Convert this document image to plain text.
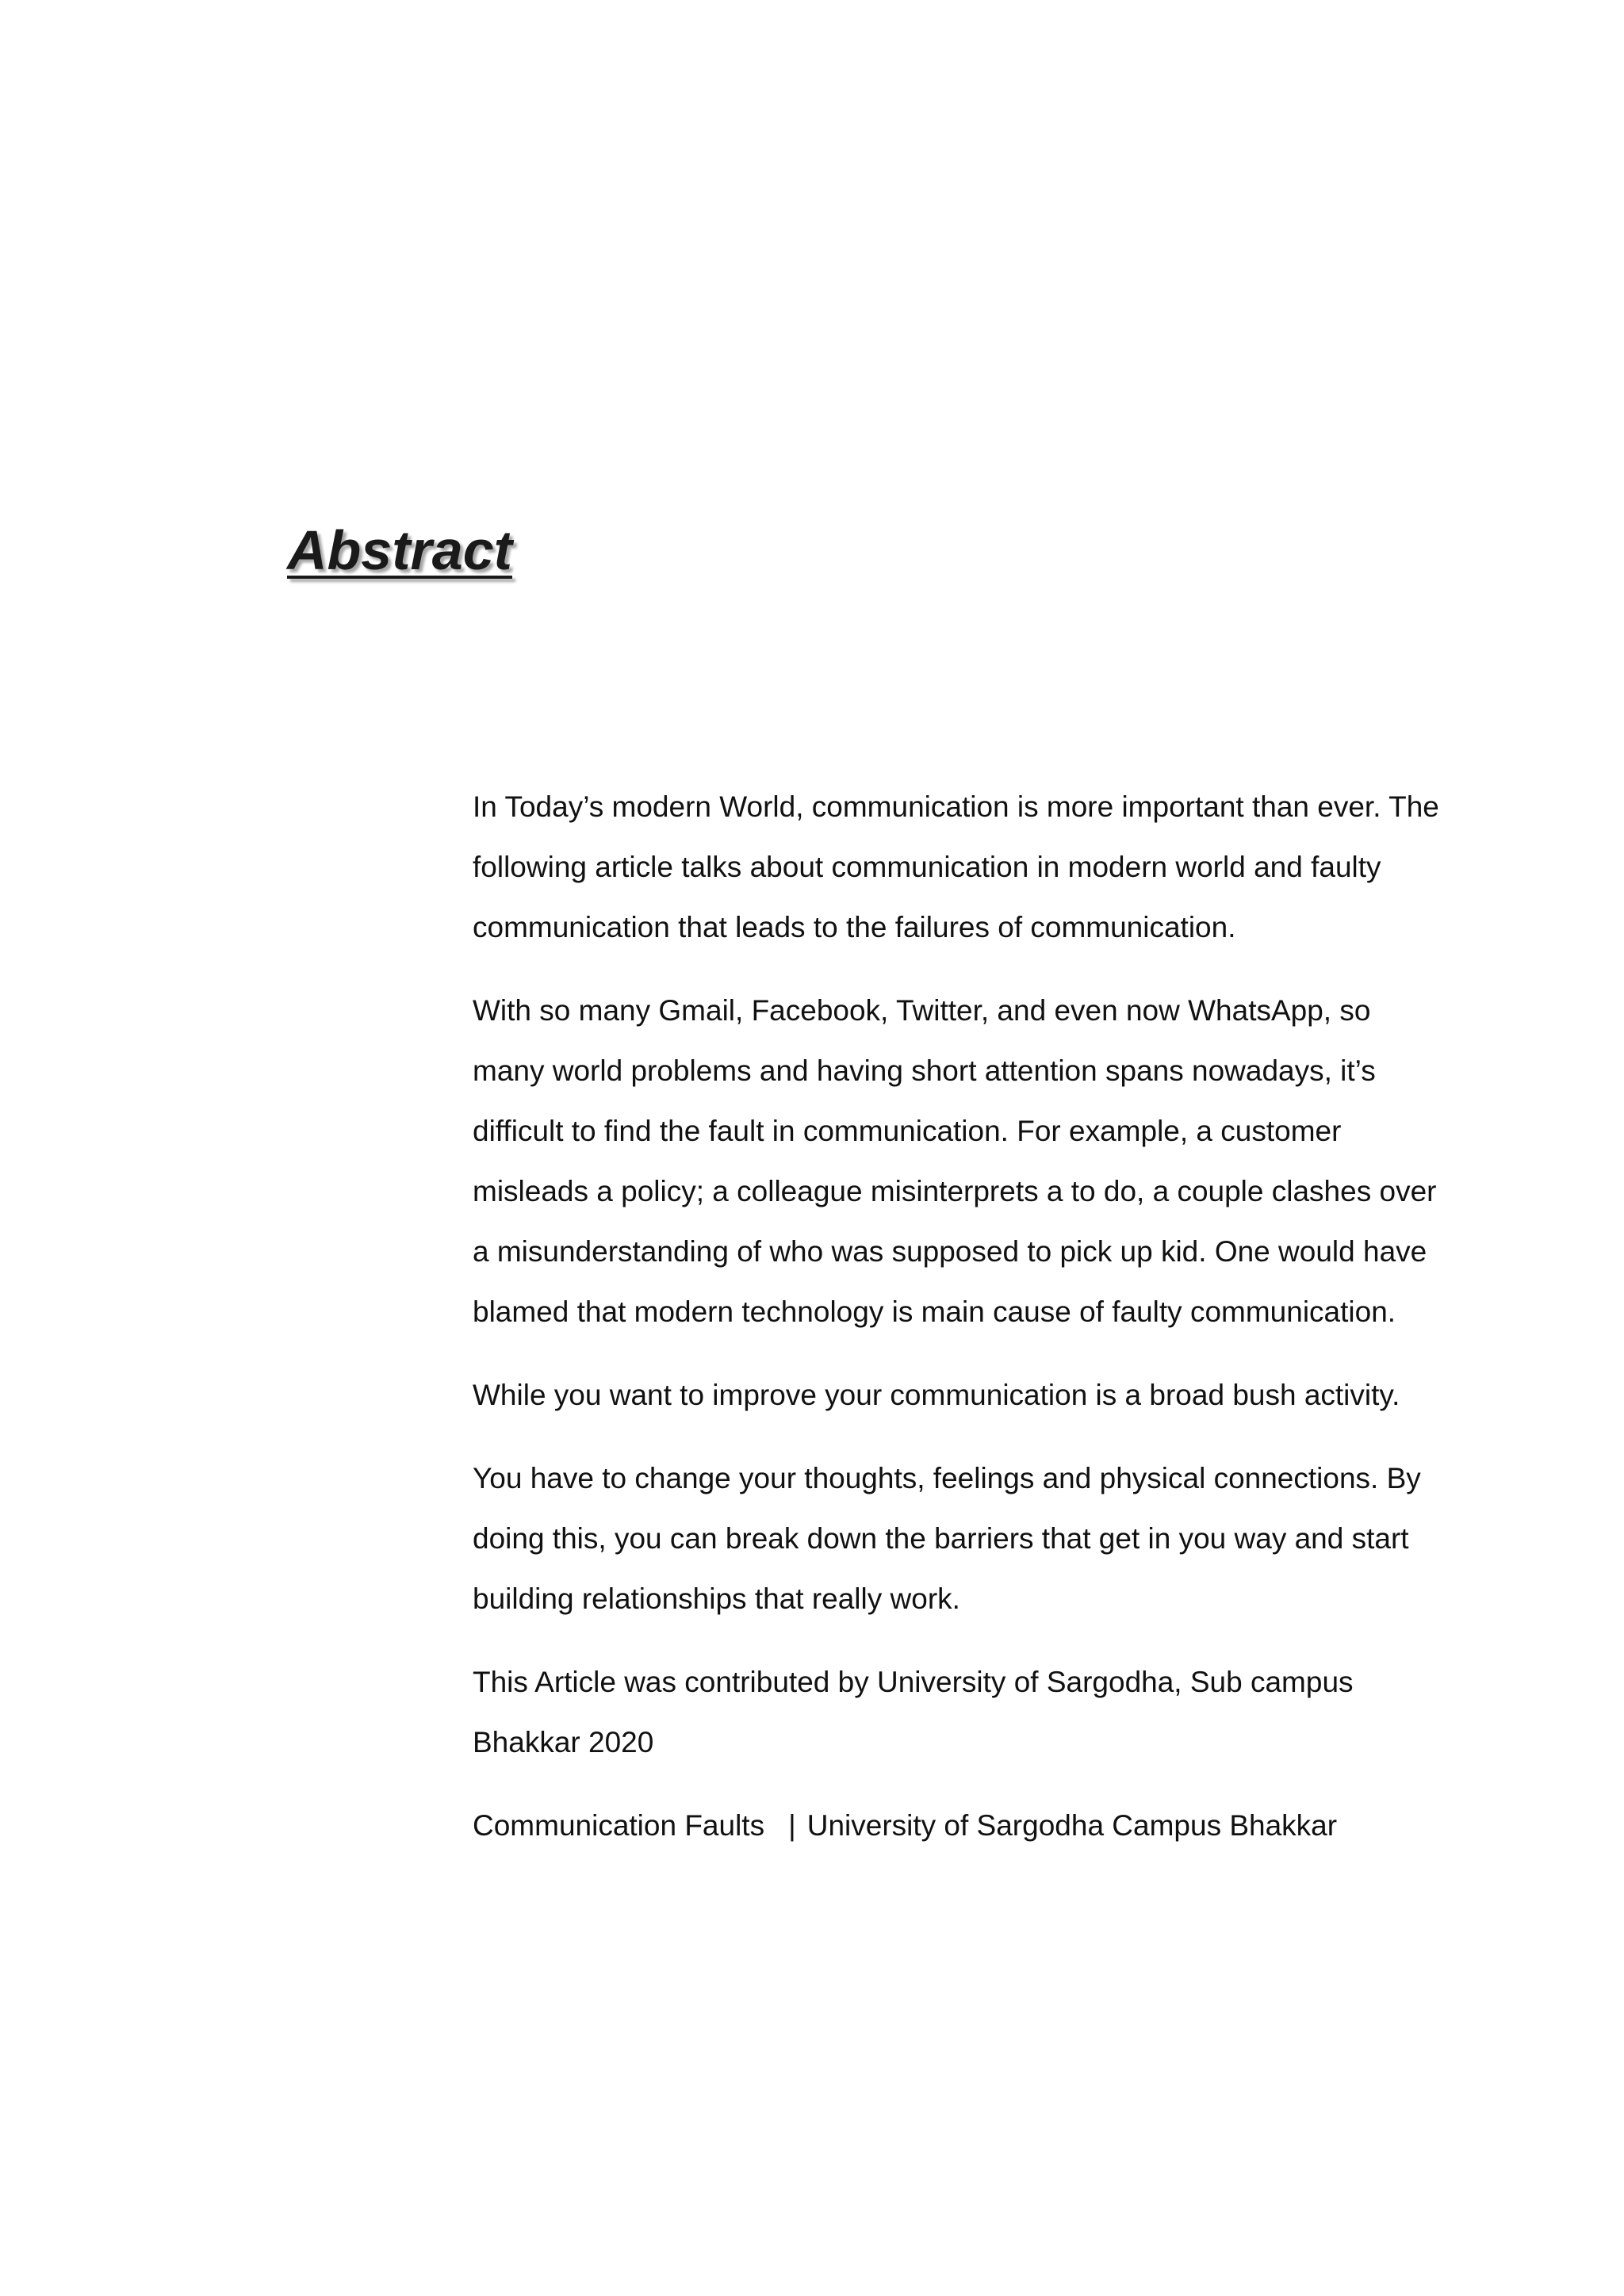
Abstract

In Today’s modern World, communication is more important than ever. The following article talks about communication in modern world and faulty communication that leads to the failures of communication.

With so many Gmail, Facebook, Twitter, and even now WhatsApp, so many world problems and having short attention spans nowadays, it’s difficult to find the fault in communication. For example, a customer misleads a policy; a colleague misinterprets a to do, a couple clashes over a misunderstanding of who was supposed to pick up kid. One would have blamed that modern technology is main cause of faulty communication.

While you want to improve your communication is a broad bush activity.

You have to change your thoughts, feelings and physical connections. By doing this, you can break down the barriers that get in you way and start building relationships that really work.

This Article was contributed by University of Sargodha, Sub campus Bhakkar 2020

Communication Faults | University of Sargodha Campus Bhakkar
